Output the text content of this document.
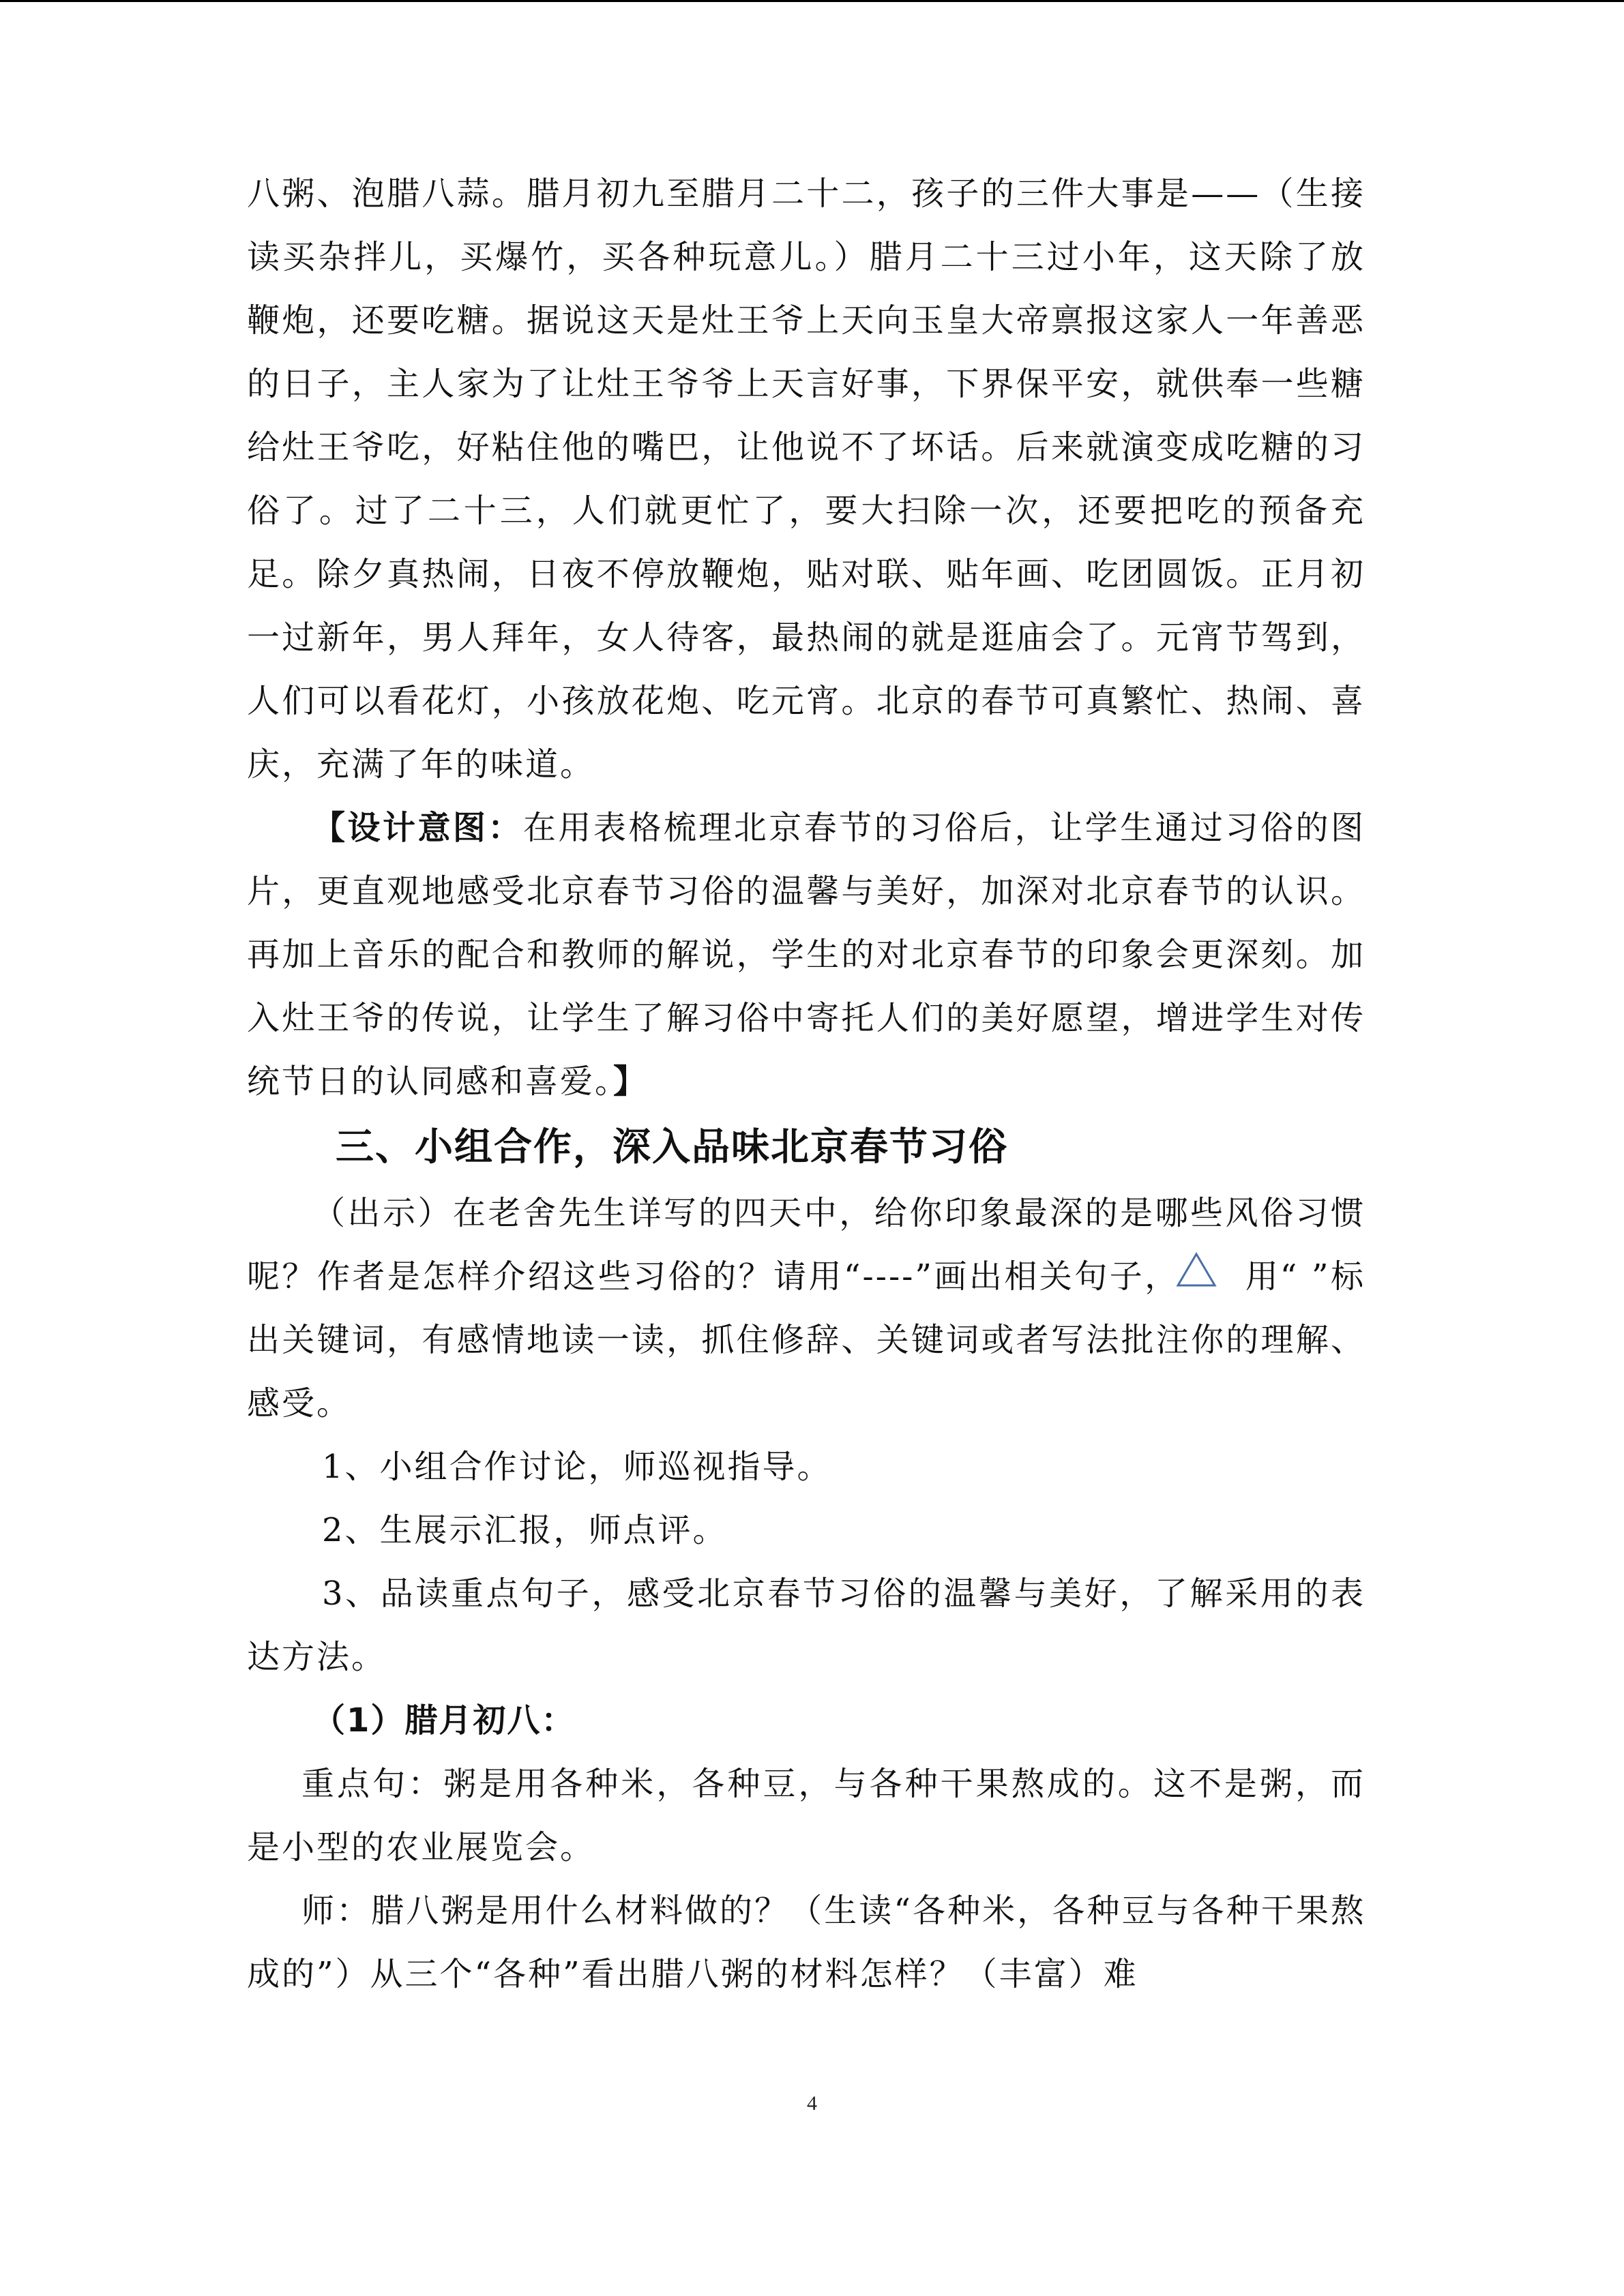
八粥、泡腊八蒜。腊月初九至腊月二十二，孩子的三件大事是——（生接读买杂拌儿，买爆竹，买各种玩意儿。）腊月二十三过小年，这天除了放鞭炮，还要吃糖。据说这天是灶王爷上天向玉皇大帝禀报这家人一年善恶的日子，主人家为了让灶王爷爷上天言好事，下界保平安，就供奉一些糖给灶王爷吃，好粘住他的嘴巴，让他说不了坏话。后来就演变成吃糖的习俗了。过了二十三，人们就更忙了，要大扫除一次，还要把吃的预备充足。除夕真热闹，日夜不停放鞭炮，贴对联、贴年画、吃团圆饭。正月初一过新年，男人拜年，女人待客，最热闹的就是逛庙会了。元宵节驾到，人们可以看花灯，小孩放花炮、吃元宵。北京的春节可真繁忙、热闹、喜庆，充满了年的味道。

【设计意图：在用表格梳理北京春节的习俗后，让学生通过习俗的图片，更直观地感受北京春节习俗的温馨与美好，加深对北京春节的认识。再加上音乐的配合和教师的解说，学生的对北京春节的印象会更深刻。加入灶王爷的传说，让学生了解习俗中寄托人们的美好愿望，增进学生对传统节日的认同感和喜爱。】

三、小组合作，深入品味北京春节习俗

（出示）在老舍先生详写的四天中，给你印象最深的是哪些风俗习惯呢？作者是怎样介绍这些习俗的？请用“----”画出相关句子， 用
“ ”标出关键词，有感情地读一读，抓住修辞、关键词或者写法批注你的理解、感受。

1、小组合作讨论，师巡视指导。

2、生展示汇报，师点评。

3、品读重点句子，感受北京春节习俗的温馨与美好，了解采用的表达方法。

（1）腊月初八：

重点句：粥是用各种米，各种豆，与各种干果熬成的。这不是粥，而是小型的农业展览会。

师：腊八粥是用什么材料做的？（生读“各种米，各种豆与各种干果熬成的”）从三个“各种”看出腊八粥的材料怎样？（丰富）难

4
